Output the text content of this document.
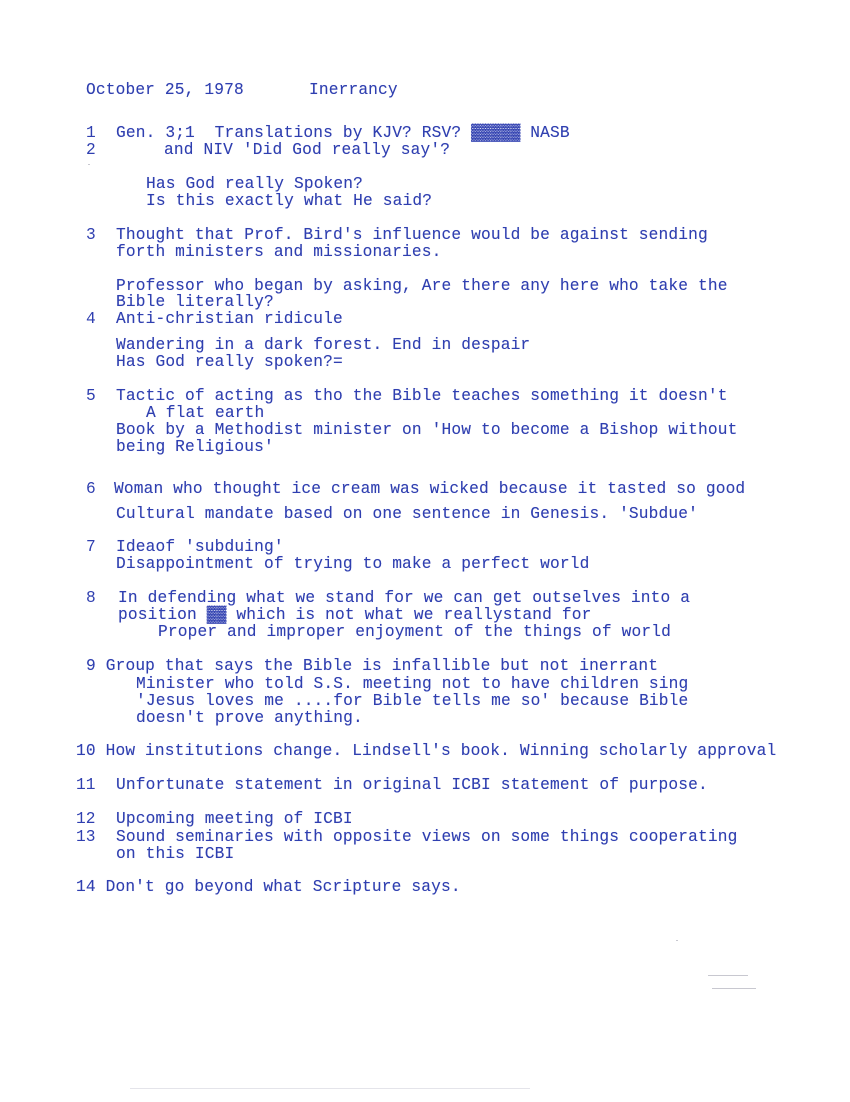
October 25, 1978	Inerrancy
1 Gen. 3;1  Translations by KJV? RSV? ▓▓▓▓▓ NASB
2	and NIV 'Did God really say'?
Has God really Spoken?
Is this exactly what He said?
3 Thought that Prof. Bird's influence would be against sending
forth ministers and missionaries.
Professor who began by asking, Are there any here who take the
Bible literally?
4 Anti-christian ridicule
Wandering in a dark forest. End in despair
Has God really spoken?=
5 Tactic of acting as tho the Bible teaches something it doesn't
A flat earth
Book by a Methodist minister on 'How to become a Bishop without
being Religious'
6 Woman who thought ice cream was wicked because it tasted so good
Cultural mandate based on one sentence in Genesis. 'Subdue'
7 Ideaof 'subduing'
Disappointment of trying to make a perfect world
8 In defending what we stand for we can get outselves into a
position ▓▓ which is not what we reallystand for
Proper and improper enjoyment of the things of world
9 Group that says the Bible is infallible but not inerrant
Minister who told S.S. meeting not to have children sing
'Jesus loves me ....for Bible tells me so' because Bible
doesn't prove anything.
10 How institutions change. Lindsell's book. Winning scholarly approval
11 Unfortunate statement in original ICBI statement of purpose.
12 Upcoming meeting of ICBI
13 Sound seminaries with opposite views on some things cooperating
on this ICBI
14 Don't go beyond what Scripture says.
